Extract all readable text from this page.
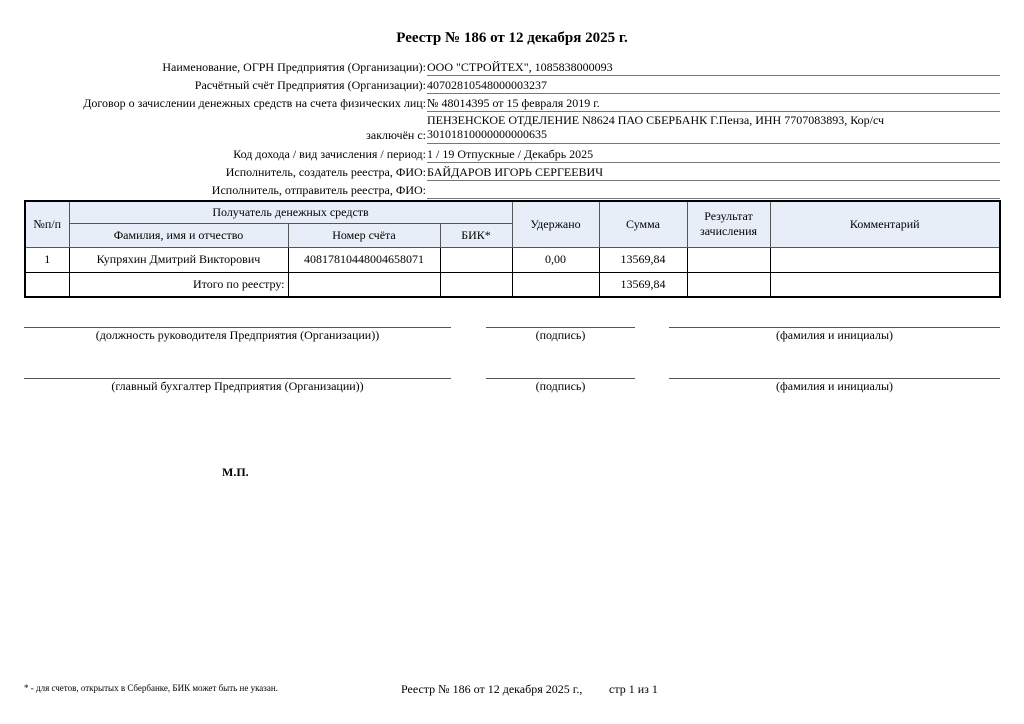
Реестр № 186 от 12 декабря 2025 г.
Наименование, ОГРН Предприятия (Организации): ООО "СТРОЙТЕХ", 1085838000093
Расчётный счёт Предприятия (Организации): 40702810548000003237
Договор о зачислении денежных средств на счета физических лиц: № 48014395 от 15 февраля 2019 г.
заключён с:
ПЕНЗЕНСКОЕ ОТДЕЛЕНИЕ N8624 ПАО СБЕРБАНК Г.Пенза, ИНН 7707083893, Кор/сч 30101810000000000635
Код дохода / вид зачисления / период: 1 / 19 Отпускные / Декабрь 2025
Исполнитель, создатель реестра, ФИО: БАЙДАРОВ ИГОРЬ СЕРГЕЕВИЧ
Исполнитель, отправитель реестра, ФИО:
№п/п	Получатель денежных средств			Удержано	Сумма	Результат зачисления	Комментарий
	Фамилия, имя и отчество	Номер счёта	БИК*				
1	Купряхин Дмитрий Викторович	40817810448004658071		0,00	13569,84		
	Итого по реестру:				13569,84		
(должность руководителя Предприятия (Организации))	(подпись)	(фамилия и инициалы)
(главный бухгалтер Предприятия (Организации))	(подпись)	(фамилия и инициалы)
М.П.
* - для счетов, открытых в Сбербанке, БИК может быть не указан.	Реестр № 186 от 12 декабря 2025 г., стр 1 из 1
